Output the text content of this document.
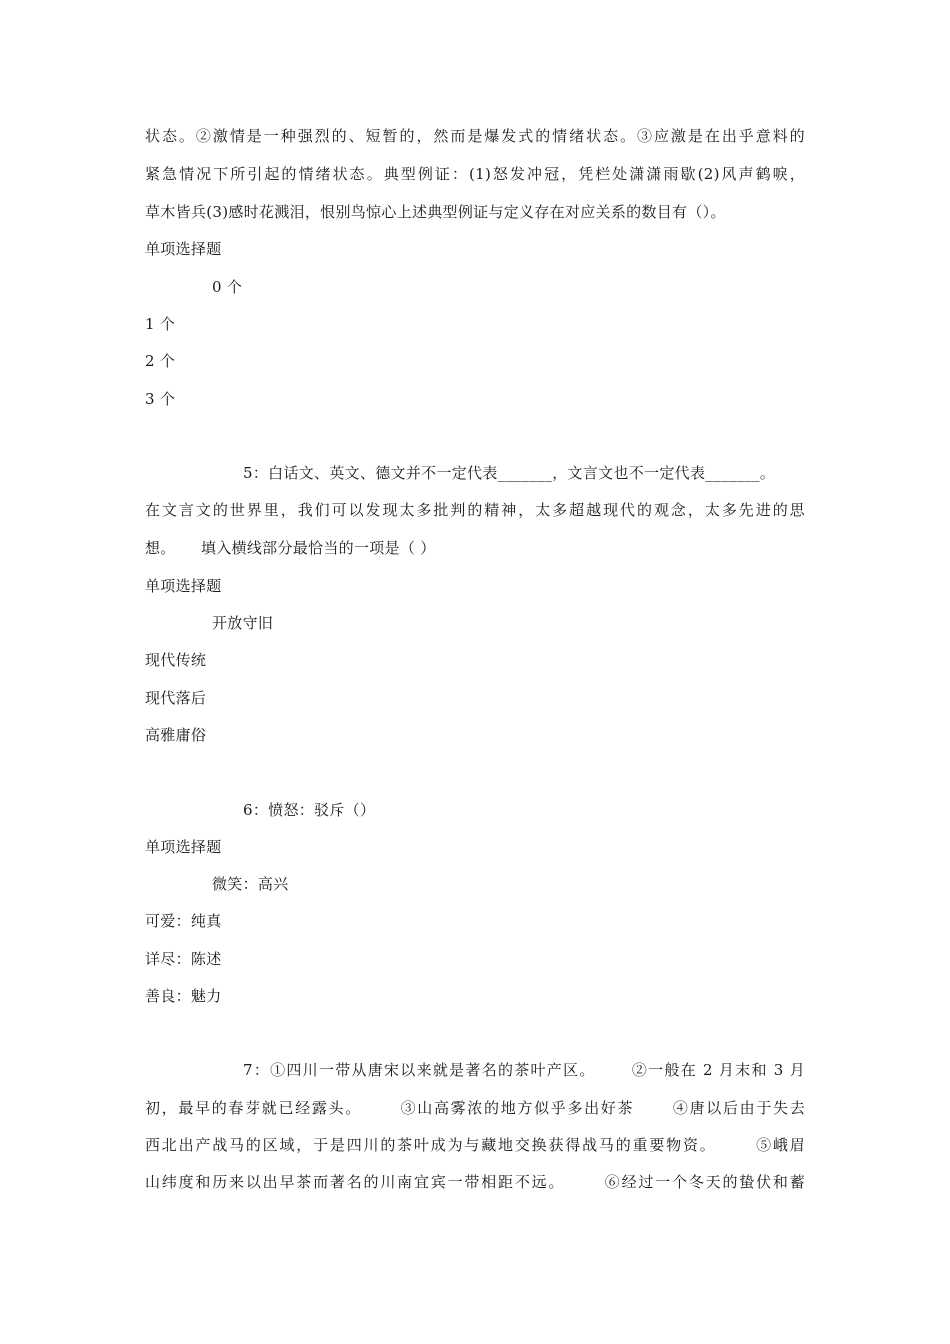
状态。②激情是一种强烈的、短暂的，然而是爆发式的情绪状态。③应激是在出乎意料的
紧急情况下所引起的情绪状态。典型例证：(1)怒发冲冠，凭栏处潇潇雨歇(2)风声鹤唳，
草木皆兵(3)感时花溅泪，恨别鸟惊心上述典型例证与定义存在对应关系的数目有（）。
单项选择题
0 个
1 个
2 个
3 个
5：白话文、英文、德文并不一定代表_______，文言文也不一定代表_______。
在文言文的世界里，我们可以发现太多批判的精神，太多超越现代的观念，太多先进的思
想。     填入横线部分最恰当的一项是（ ）
单项选择题
开放守旧
现代传统
现代落后
高雅庸俗
6：愤怒：驳斥（）
单项选择题
微笑：高兴
可爱：纯真
详尽：陈述
善良：魅力
7：①四川一带从唐宋以来就是著名的茶叶产区。      ②一般在 2 月末和 3 月
初，最早的春芽就已经露头。      ③山高雾浓的地方似乎多出好茶      ④唐以后由于失去
西北出产战马的区域，于是四川的茶叶成为与藏地交换获得战马的重要物资。      ⑤峨眉
山纬度和历来以出早茶而著名的川南宜宾一带相距不远。      ⑥经过一个冬天的蛰伏和蓄
